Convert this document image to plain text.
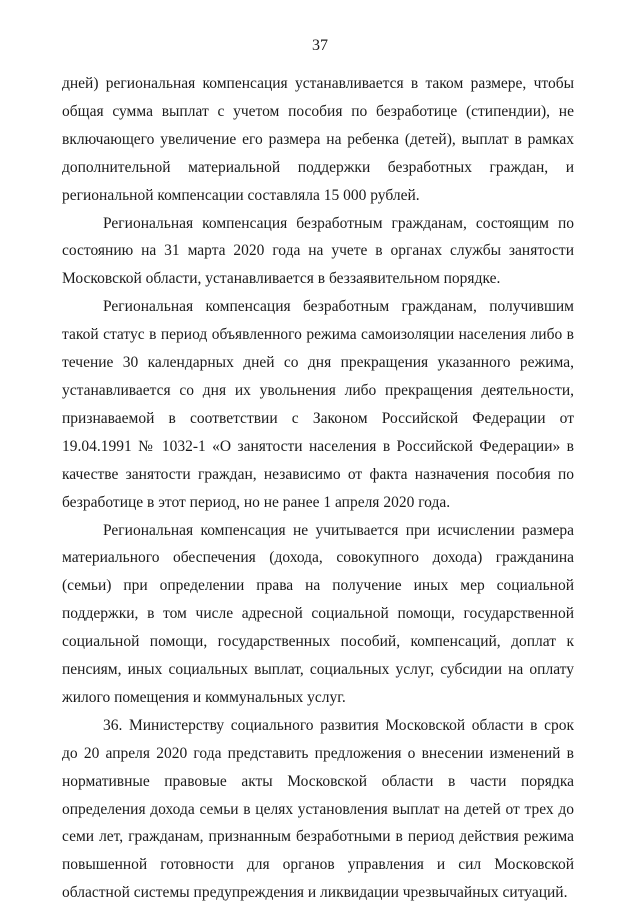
37

дней) региональная компенсация устанавливается в таком размере, чтобы общая сумма выплат с учетом пособия по безработице (стипендии), не включающего увеличение его размера на ребенка (детей), выплат в рамках дополнительной материальной поддержки безработных граждан, и региональной компенсации составляла 15 000 рублей.

Региональная компенсация безработным гражданам, состоящим по состоянию на 31 марта 2020 года на учете в органах службы занятости Московской области, устанавливается в беззаявительном порядке.

Региональная компенсация безработным гражданам, получившим такой статус в период объявленного режима самоизоляции населения либо в течение 30 календарных дней со дня прекращения указанного режима, устанавливается со дня их увольнения либо прекращения деятельности, признаваемой в соответствии с Законом Российской Федерации от 19.04.1991 № 1032-1 «О занятости населения в Российской Федерации» в качестве занятости граждан, независимо от факта назначения пособия по безработице в этот период, но не ранее 1 апреля 2020 года.

Региональная компенсация не учитывается при исчислении размера материального обеспечения (дохода, совокупного дохода) гражданина (семьи) при определении права на получение иных мер социальной поддержки, в том числе адресной социальной помощи, государственной социальной помощи, государственных пособий, компенсаций, доплат к пенсиям, иных социальных выплат, социальных услуг, субсидии на оплату жилого помещения и коммунальных услуг.

36. Министерству социального развития Московской области в срок до 20 апреля 2020 года представить предложения о внесении изменений в нормативные правовые акты Московской области в части порядка определения дохода семьи в целях установления выплат на детей от трех до семи лет, гражданам, признанным безработными в период действия режима повышенной готовности для органов управления и сил Московской областной системы предупреждения и ликвидации чрезвычайных ситуаций.
